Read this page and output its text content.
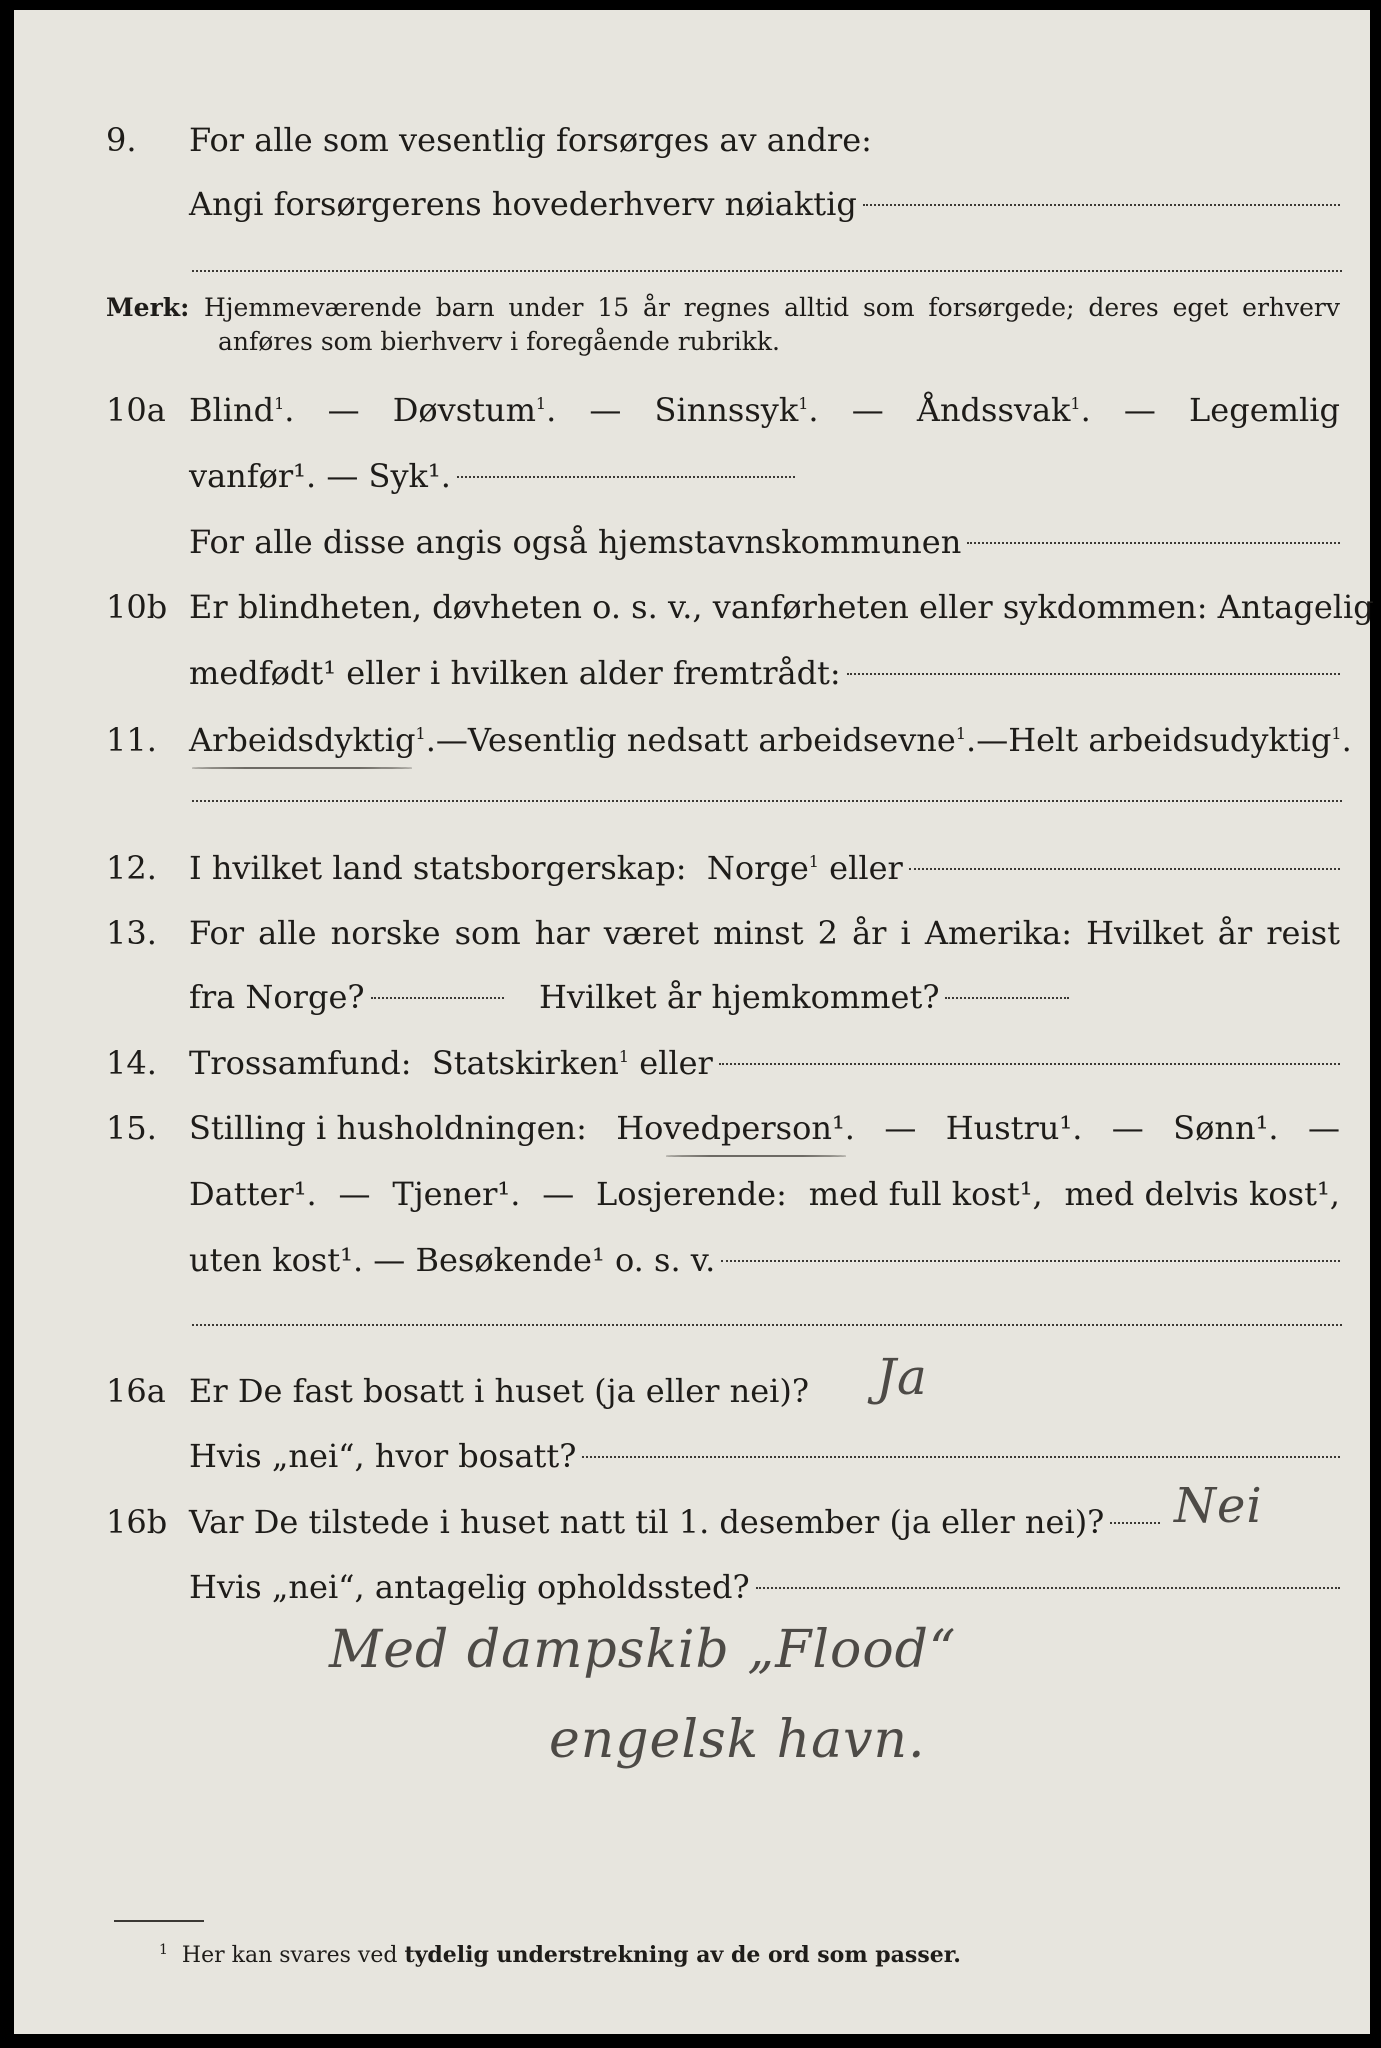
9. For alle som vesentlig forsørges av andre:
Angi forsørgerens hovederhverv nøiaktig
Merk: Hjemmeværende barn under 15 år regnes alltid som forsørgede; deres eget erhverv
anføres som bierhverv i foregående rubrikk.
10a Blind$^1$. — Døvstum$^1$. — Sinnssyk$^1$. — Åndssvak$^1$. — Legemlig
vanfør¹. — Syk¹.
For alle disse angis også hjemstavnskommunen
10b Er blindheten, døvheten o. s. v., vanførheten eller sykdommen: Antagelig
medfødt¹ eller i hvilken alder fremtrådt:
11. Arbeidsdyktig$^1$. — Vesentlig nedsatt arbeidsevne$^1$. — Helt arbeidsudyktig$^1$.
12. I hvilket land statsborgerskap:
Norge$^1$
eller
13. For alle norske som har været minst 2 år i Amerika: Hvilket år reist
fra Norge?	Hvilket år hjemkommet?
14. Trossamfund:
Statskirken$^1$
eller
15. Stilling i husholdningen: Hovedperson¹. — Hustru¹. — Sønn¹. —
Datter¹. — Tjener¹. — Losjerende: med full kost¹, med delvis kost¹,
uten kost¹. — Besøkende¹ o. s. v.
16a Er De fast bosatt i huset (ja eller nei)? Ja
Hvis „nei“, hvor bosatt?
16b Var De tilstede i huset natt til 1. desember (ja eller nei)? Nei
Hvis „nei“, antagelig opholdssted?
Med dampskib „Flood“
engelsk havn.
$^1$ Her kan svares ved tydelig understrekning av de ord som passer.
